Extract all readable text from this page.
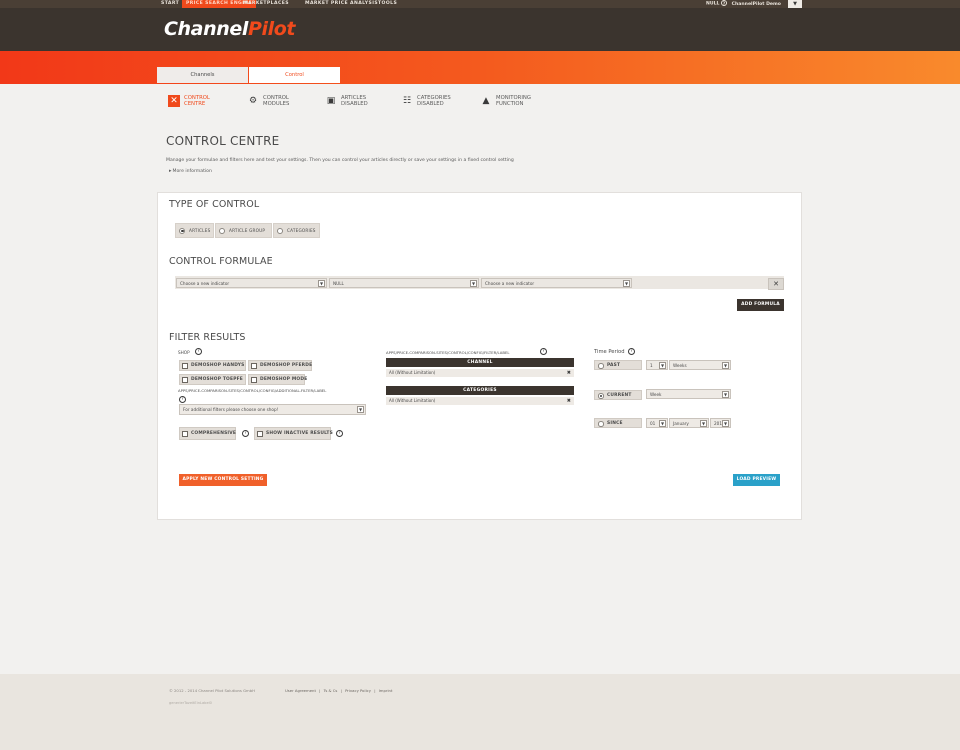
START	PRICE SEARCH ENGINE
MARKETPLACES	MARKET PRICE ANALYSIS TOOLS	NULL ? ChannelPilot Demo	▼
ChannelPilot
Channels	Control
✕	CONTROL
CENTRE	⚙	CONTROL
MODULES	▣	ARTICLES
DISABLED	☷	CATEGORIES
DISABLED	▲	MONITORING
FUNCTION
CONTROL CENTRE
Manage your formulae and filters here and test your settings. Then you can control your articles directly or save your settings in a fixed control setting
▸ More information
TYPE OF CONTROL
ARTICLES	ARTICLE GROUP	CATEGORIES
CONTROL FORMULAE
Choose a new indicator	▼	NULL	▼	Choose a new indicator	▼	✕
ADD FORMULA
FILTER RESULTS
SHOP	?
DEMOSHOP HANDYS	DEMOSHOP PFERDE
DEMOSHOP TOEPFE	DEMOSHOP MODE
APPS/PRICE-COMPARISON-SITES/CONTROL/CONFIG/ADDITIONAL-FILTER/LABEL
?
For additional filters please choose one shop!	▼
COMPREHENSIVE	?	SHOW INACTIVE RESULTS	?
APPS/PRICE-COMPARISON-SITES/CONTROL/CONFIG/FILTER/LABEL	?
CHANNEL
All (Without Limitation)	✖
CATEGORIES
All (Without Limitation)	✖
Time Period	?
PAST	1	▼	Weeks	▼
CURRENT	Week	▼
SINCE	01	▼	January	▼	201 ▼
APPLY NEW CONTROL SETTING	LOAD PREVIEW
© 2012 - 2014 Channel Pilot Solutions GmbH	User Agreement | Ts & Cs | Privacy Policy | Imprint
generierTozeitEinLabel0
